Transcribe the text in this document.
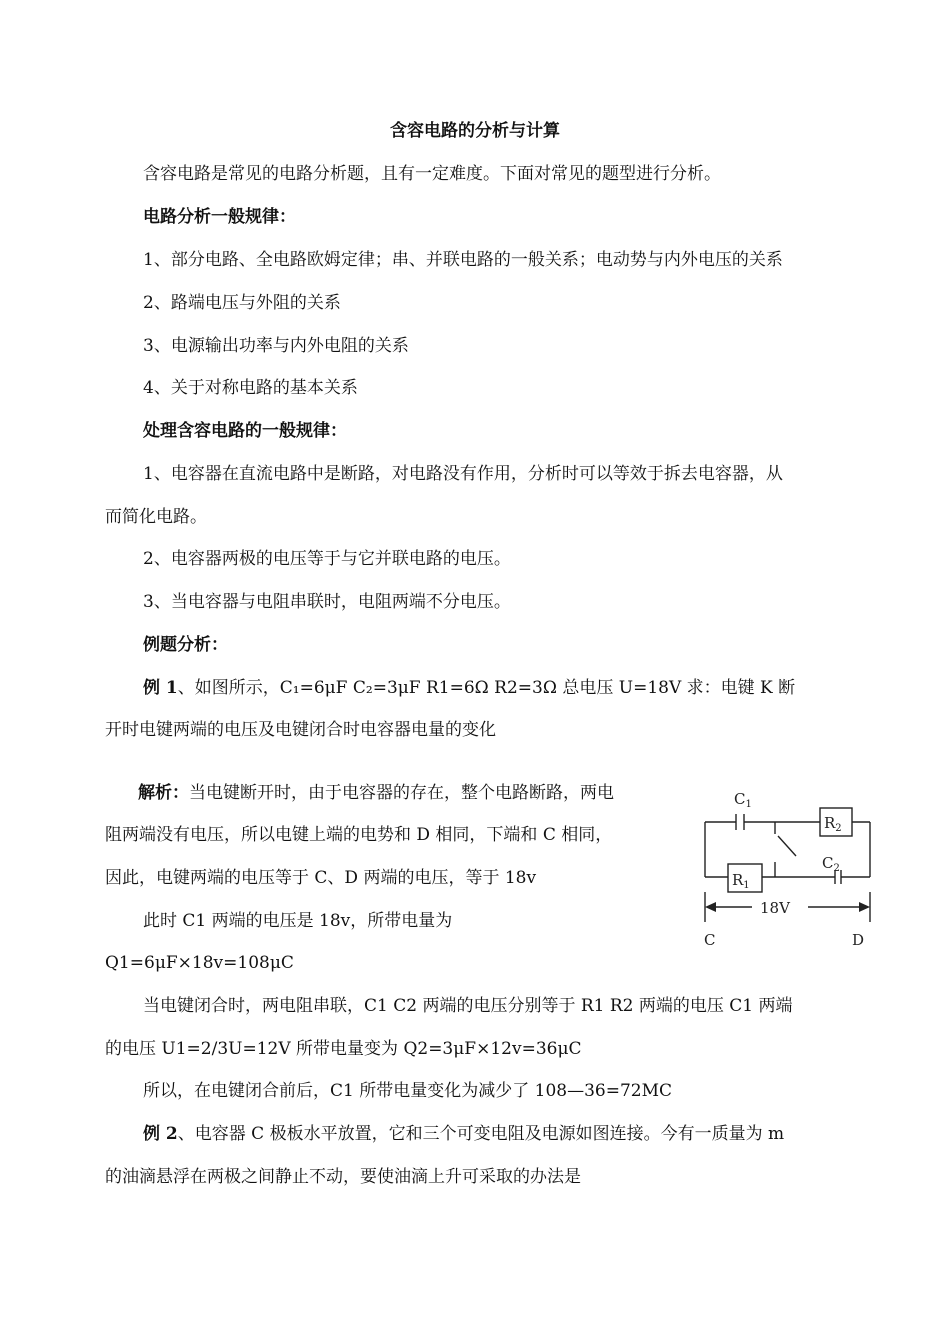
含容电路的分析与计算
含容电路是常见的电路分析题，且有一定难度。下面对常见的题型进行分析。
电路分析一般规律：
1、部分电路、全电路欧姆定律；串、并联电路的一般关系；电动势与内外电压的关系
2、路端电压与外阻的关系
3、电源输出功率与内外电阻的关系
4、关于对称电路的基本关系
处理含容电路的一般规律：
1、电容器在直流电路中是断路，对电路没有作用，分析时可以等效于拆去电容器，从
而简化电路。
2、电容器两极的电压等于与它并联电路的电压。
3、当电容器与电阻串联时，电阻两端不分电压。
例题分析：
例 1、如图所示，C₁=6μF C₂=3μF R1=6Ω R2=3Ω 总电压 U=18V 求：电键 K 断
开时电键两端的电压及电键闭合时电容器电量的变化
解析：当电键断开时，由于电容器的存在，整个电路断路，两电
阻两端没有电压，所以电键上端的电势和 D 相同，下端和 C 相同，
因此，电键两端的电压等于 C、D 两端的电压，等于 18v
此时 C1 两端的电压是 18v，所带电量为
Q1=6μF×18v=108μC
当电键闭合时，两电阻串联，C1 C2 两端的电压分别等于 R1 R2 两端的电压 C1 两端
的电压 U1=2/3U=12V 所带电量变为 Q2=3μF×12v=36μC
所以，在电键闭合前后，C1 所带电量变化为减少了 108—36=72MC
例 2、电容器 C 极板水平放置，它和三个可变电阻及电源如图连接。今有一质量为 m
的油滴悬浮在两极之间静止不动，要使油滴上升可采取的办法是
$C_1$
$R_2$
$C_2$
$R_1$
18V
C	D
